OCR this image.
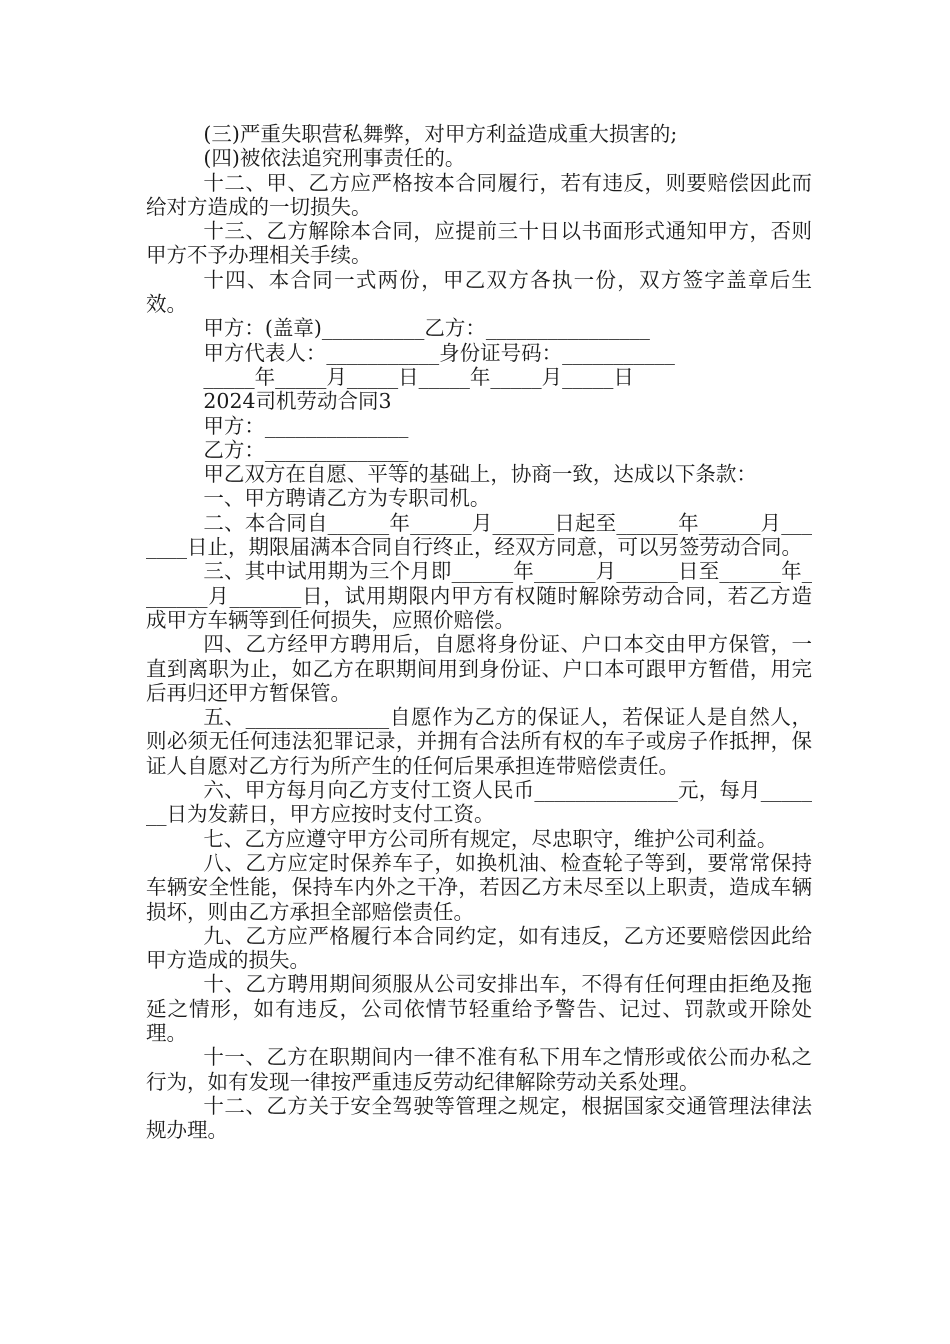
(三)严重失职营私舞弊，对甲方利益造成重大损害的;

(四)被依法追究刑事责任的。

十二、甲、乙方应严格按本合同履行，若有违反，则要赔偿因此而给对方造成的一切损失。

十三、乙方解除本合同，应提前三十日以书面形式通知甲方，否则甲方不予办理相关手续。

十四、本合同一式两份，甲乙双方各执一份，双方签字盖章后生效。

甲方：(盖章)__________乙方：________________

甲方代表人：___________身份证号码：___________

_____年_____月_____日_____年_____月_____日

2024司机劳动合同3

甲方：______________

乙方：______________

甲乙双方在自愿、平等的基础上，协商一致，达成以下条款：

一、甲方聘请乙方为专职司机。

二、本合同自______年______月______日起至______年______月_______日止，期限届满本合同自行终止，经双方同意，可以另签劳动合同。

三、其中试用期为三个月即______年______月______日至______年_______月_______日，试用期限内甲方有权随时解除劳动合同，若乙方造成甲方车辆等到任何损失，应照价赔偿。

四、乙方经甲方聘用后，自愿将身份证、户口本交由甲方保管，一直到离职为止，如乙方在职期间用到身份证、户口本可跟甲方暂借，用完后再归还甲方暂保管。

五、______________自愿作为乙方的保证人，若保证人是自然人，则必须无任何违法犯罪记录，并拥有合法所有权的车子或房子作抵押，保证人自愿对乙方行为所产生的任何后果承担连带赔偿责任。

六、甲方每月向乙方支付工资人民币______________元，每月_______日为发薪日，甲方应按时支付工资。

七、乙方应遵守甲方公司所有规定，尽忠职守，维护公司利益。

八、乙方应定时保养车子，如换机油、检查轮子等到，要常常保持车辆安全性能，保持车内外之干净，若因乙方未尽至以上职责，造成车辆损坏，则由乙方承担全部赔偿责任。

九、乙方应严格履行本合同约定，如有违反，乙方还要赔偿因此给甲方造成的损失。

十、乙方聘用期间须服从公司安排出车，不得有任何理由拒绝及拖延之情形，如有违反，公司依情节轻重给予警告、记过、罚款或开除处理。

十一、乙方在职期间内一律不准有私下用车之情形或依公而办私之行为，如有发现一律按严重违反劳动纪律解除劳动关系处理。

十二、乙方关于安全驾驶等管理之规定，根据国家交通管理法律法规办理。
